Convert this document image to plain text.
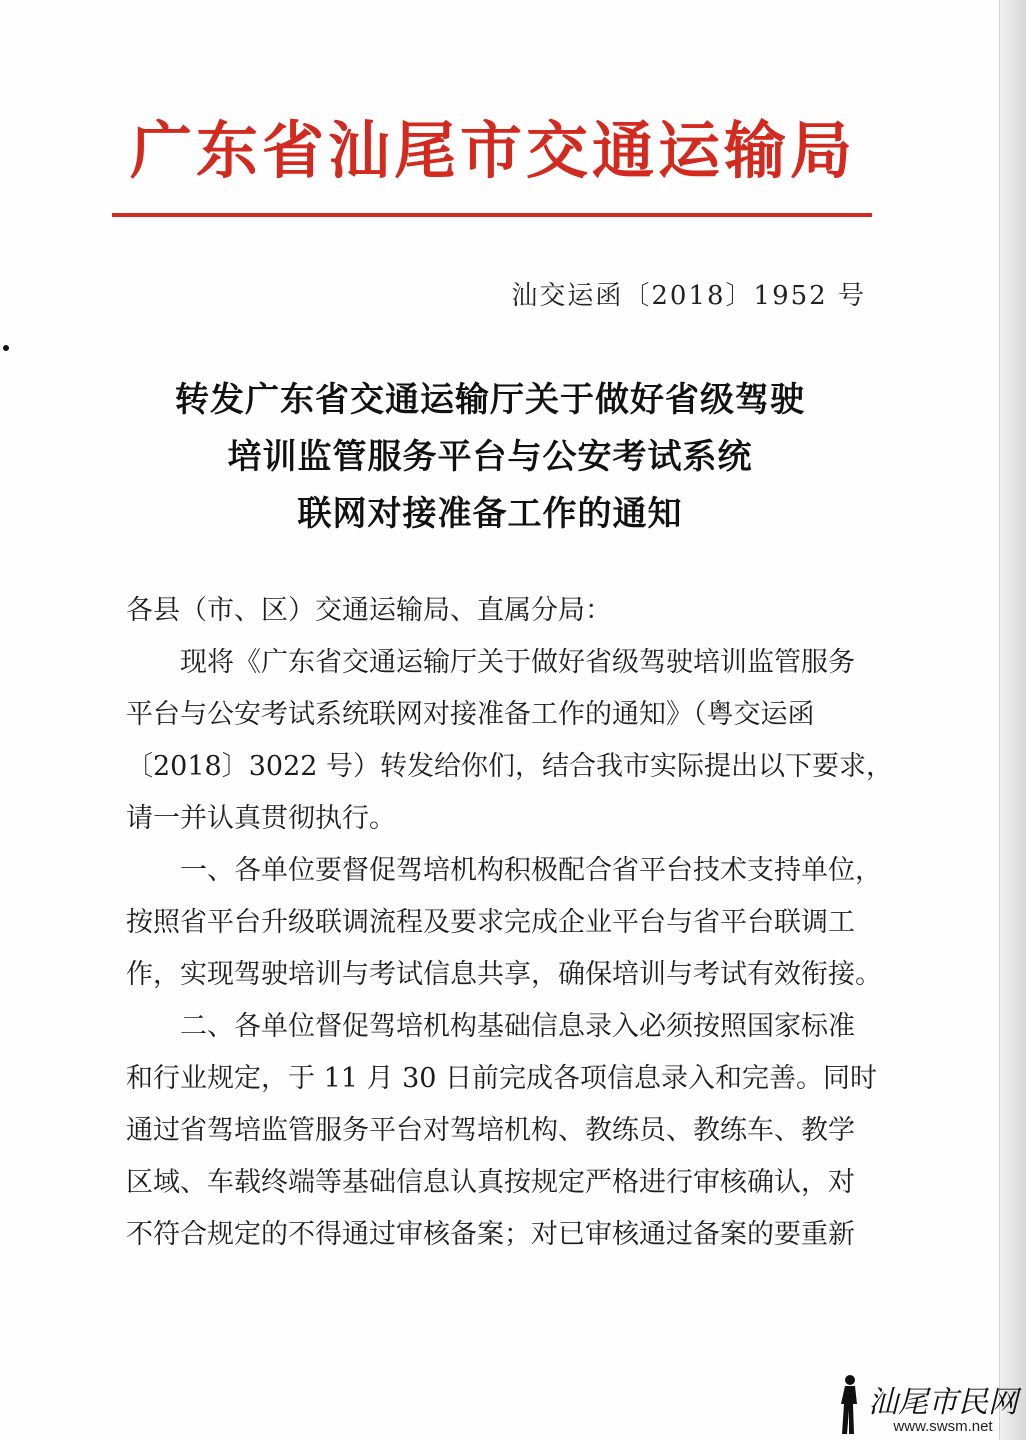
广东省汕尾市交通运输局
汕交运函〔2018〕1952 号
转发广东省交通运输厅关于做好省级驾驶
培训监管服务平台与公安考试系统
联网对接准备工作的通知
各县（市、区）交通运输局、直属分局：
　　现将《广东省交通运输厅关于做好省级驾驶培训监管服务
平台与公安考试系统联网对接准备工作的通知》（粤交运函
〔2018〕3022 号）转发给你们，结合我市实际提出以下要求，
请一并认真贯彻执行。
　　一、各单位要督促驾培机构积极配合省平台技术支持单位，
按照省平台升级联调流程及要求完成企业平台与省平台联调工
作，实现驾驶培训与考试信息共享，确保培训与考试有效衔接。
　　二、各单位督促驾培机构基础信息录入必须按照国家标准
和行业规定，于 11 月 30 日前完成各项信息录入和完善。同时
通过省驾培监管服务平台对驾培机构、教练员、教练车、教学
区域、车载终端等基础信息认真按规定严格进行审核确认，对
不符合规定的不得通过审核备案；对已审核通过备案的要重新
汕尾市民网
www.swsm.net
